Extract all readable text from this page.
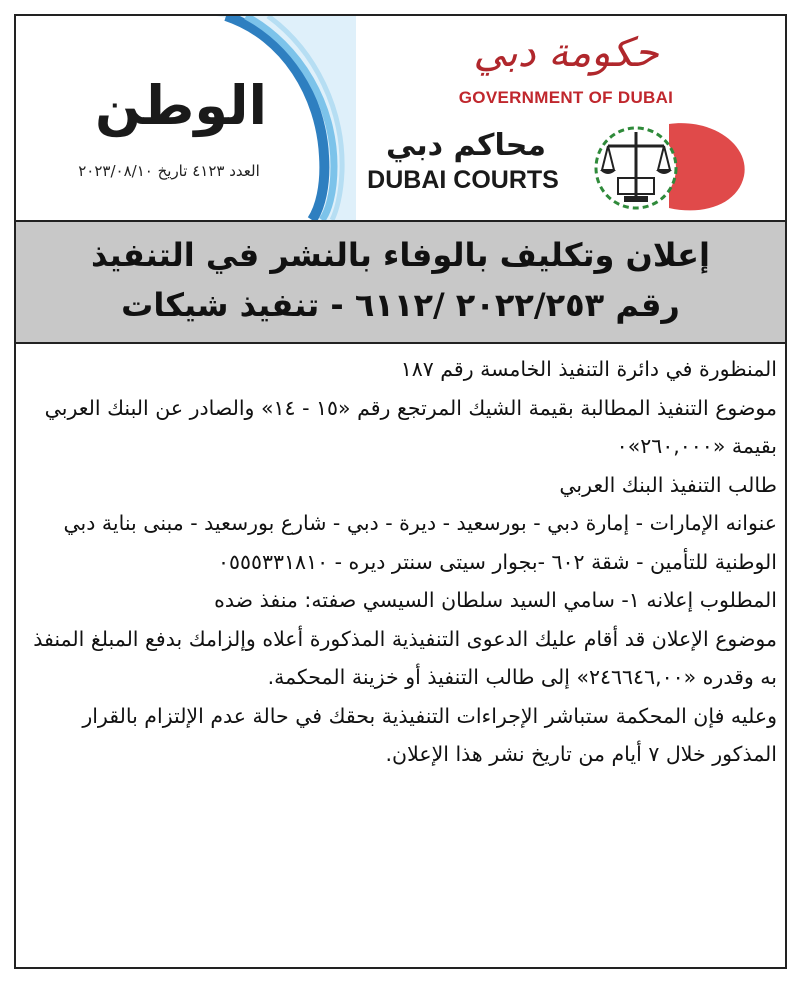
الوطن
العدد ٤١٢٣ تاريخ ٢٠٢٣/٠٨/١٠
حكومة دبي
GOVERNMENT OF DUBAI
محاكم دبي
DUBAI COURTS
إعلان وتكليف بالوفاء بالنشر في التنفيذ
رقم ٢٠٢٢/٢٥٣ /٦١١٢ - تنفيذ شيكات

المنظورة في دائرة التنفيذ الخامسة رقم ١٨٧

موضوع التنفيذ المطالبة بقيمة الشيك المرتجع رقم «١٥ - ١٤» والصادر عن البنك العربي بقيمة «٢٦٠,٠٠٠»٠

طالب التنفيذ البنك العربي

عنوانه الإمارات - إمارة دبي - بورسعيد - ديرة - دبي - شارع بورسعيد - مبنى بناية دبي الوطنية للتأمين - شقة ٦٠٢ -بجوار سيتى سنتر ديره - ٠٥٥٥٣٣١٨١٠

المطلوب إعلانه ١- سامي السيد سلطان السيسي صفته: منفذ ضده

موضوع الإعلان قد أقام عليك الدعوى التنفيذية المذكورة أعلاه وإلزامك بدفع المبلغ المنفذ به وقدره «٢٤٦٦٤٦,٠٠» إلى طالب التنفيذ أو خزينة المحكمة.

وعليه فإن المحكمة ستباشر الإجراءات التنفيذية بحقك في حالة عدم الإلتزام بالقرار المذكور خلال ٧ أيام من تاريخ نشر هذا الإعلان.
